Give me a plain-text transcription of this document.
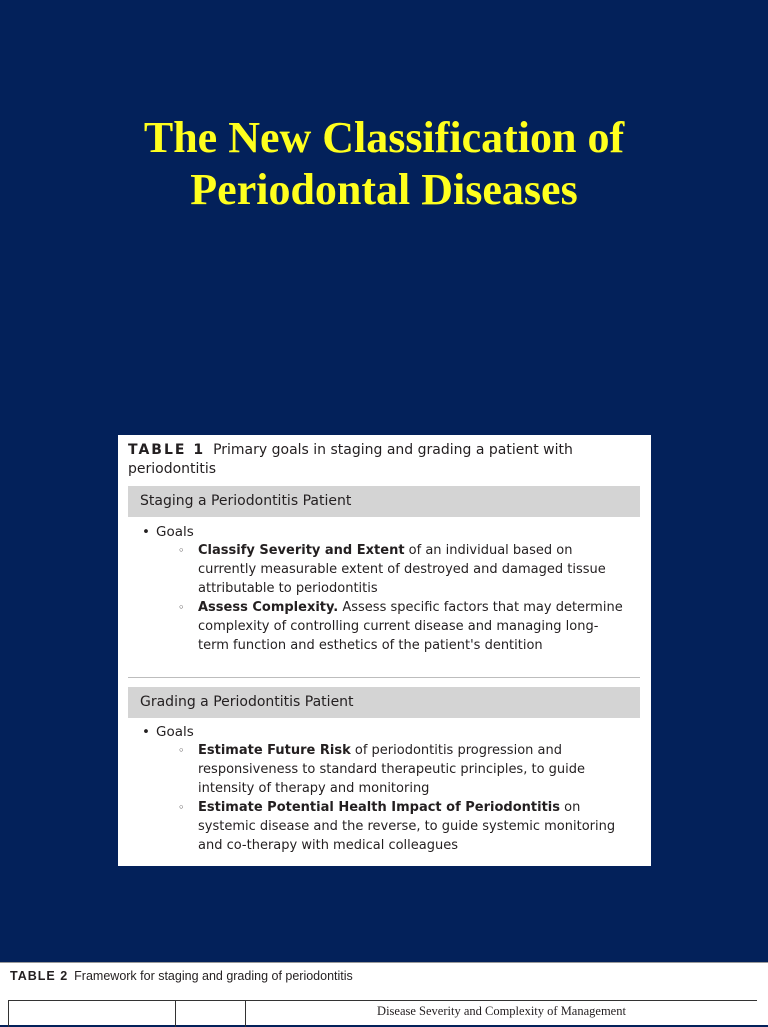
The New Classification of
Periodontal Diseases
TABLE 1 Primary goals in staging and grading a patient with periodontitis
Staging a Periodontitis Patient
• Goals
◦ Classify Severity and Extent of an individual based on currently measurable extent of destroyed and damaged tissue attributable to periodontitis
◦ Assess Complexity. Assess specific factors that may determine complexity of controlling current disease and managing long-term function and esthetics of the patient's dentition
Grading a Periodontitis Patient
• Goals
◦ Estimate Future Risk of periodontitis progression and responsiveness to standard therapeutic principles, to guide intensity of therapy and monitoring
◦ Estimate Potential Health Impact of Periodontitis on systemic disease and the reverse, to guide systemic monitoring and co-therapy with medical colleagues
TABLE 2 Framework for staging and grading of periodontitis
Disease Severity and Complexity of Management
